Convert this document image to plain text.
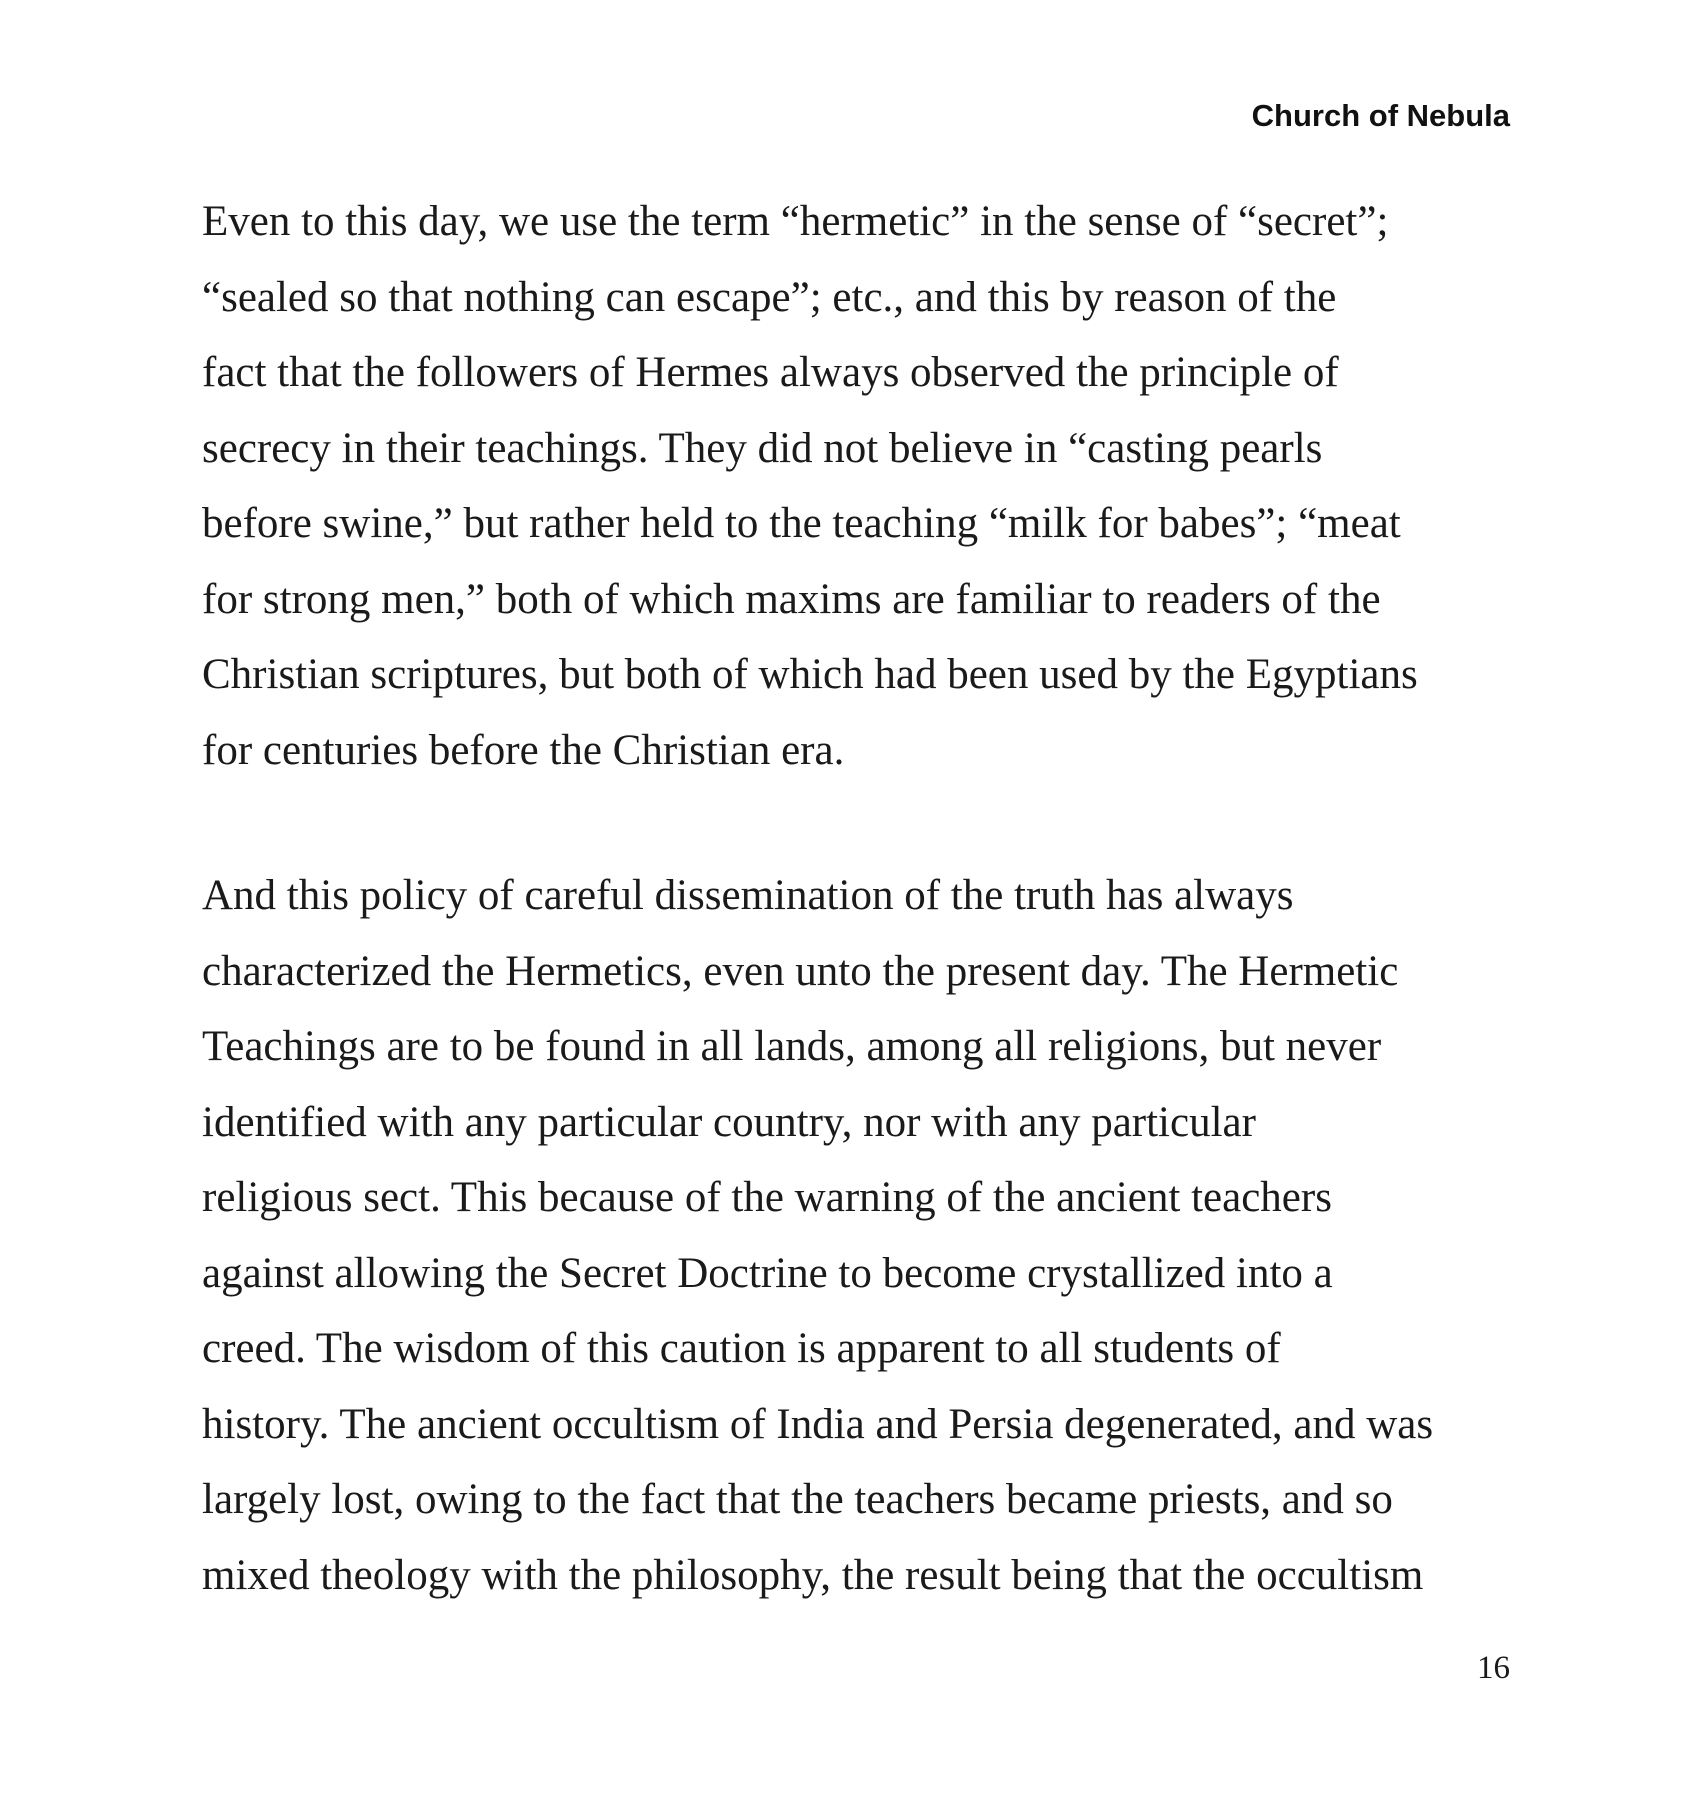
Church of Nebula
Even to this day, we use the term “hermetic” in the sense of “secret”;
“sealed so that nothing can escape”; etc., and this by reason of the
fact that the followers of Hermes always observed the principle of
secrecy in their teachings. They did not believe in “casting pearls
before swine,” but rather held to the teaching “milk for babes”; “meat
for strong men,” both of which maxims are familiar to readers of the
Christian scriptures, but both of which had been used by the Egyptians
for centuries before the Christian era.
And this policy of careful dissemination of the truth has always
characterized the Hermetics, even unto the present day. The Hermetic
Teachings are to be found in all lands, among all religions, but never
identified with any particular country, nor with any particular
religious sect. This because of the warning of the ancient teachers
against allowing the Secret Doctrine to become crystallized into a
creed. The wisdom of this caution is apparent to all students of
history. The ancient occultism of India and Persia degenerated, and was
largely lost, owing to the fact that the teachers became priests, and so
mixed theology with the philosophy, the result being that the occultism
16
